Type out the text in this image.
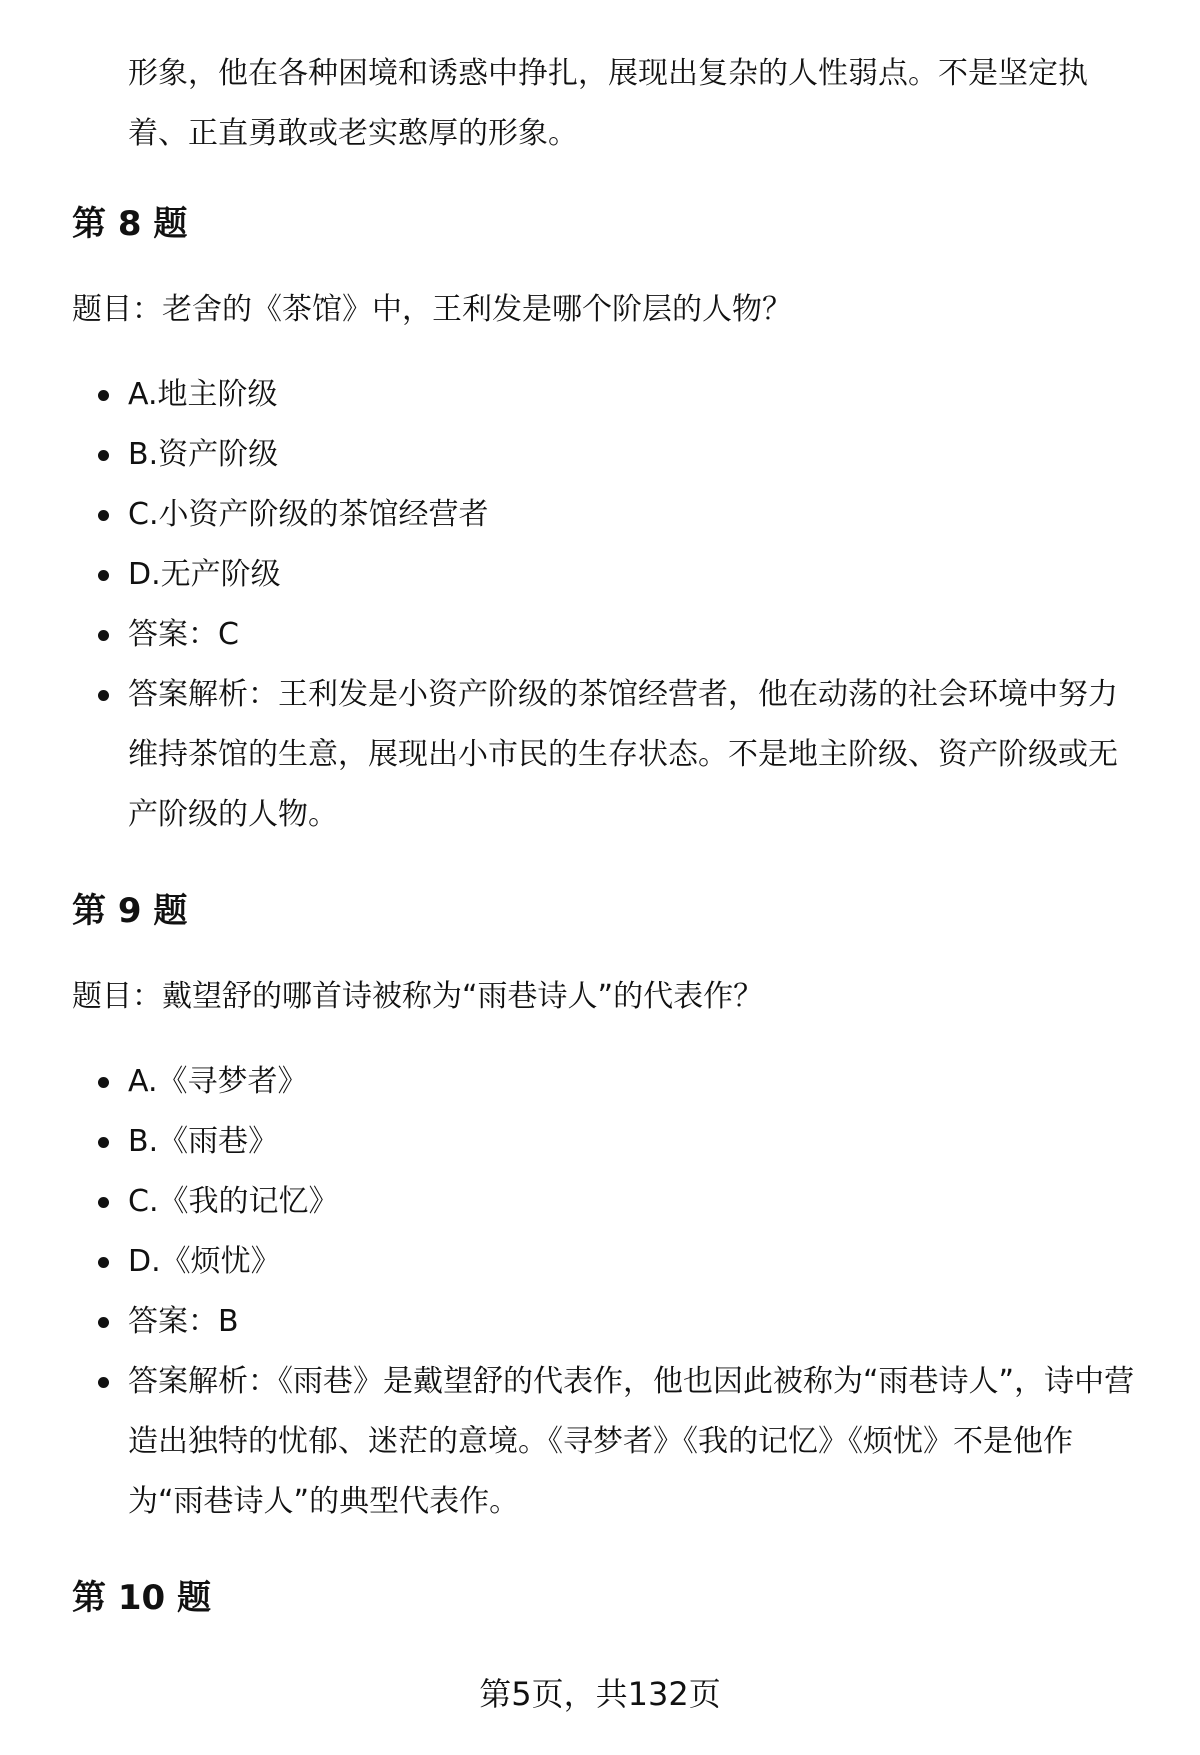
形象，他在各种困境和诱惑中挣扎，展现出复杂的人性弱点。不是坚定执着、正直勇敢或老实憨厚的形象。

第 8 题

题目：老舍的《茶馆》中，王利发是哪个阶层的人物？

A.地主阶级
B.资产阶级
C.小资产阶级的茶馆经营者
D.无产阶级
答案：C
答案解析：王利发是小资产阶级的茶馆经营者，他在动荡的社会环境中努力维持茶馆的生意，展现出小市民的生存状态。不是地主阶级、资产阶级或无产阶级的人物。
第 9 题

题目：戴望舒的哪首诗被称为“雨巷诗人”的代表作？

A.《寻梦者》
B.《雨巷》
C.《我的记忆》
D.《烦忧》
答案：B
答案解析：《雨巷》是戴望舒的代表作，他也因此被称为“雨巷诗人”，诗中营造出独特的忧郁、迷茫的意境。《寻梦者》《我的记忆》《烦忧》不是他作为“雨巷诗人”的典型代表作。
第 10 题
第5页，共132页
